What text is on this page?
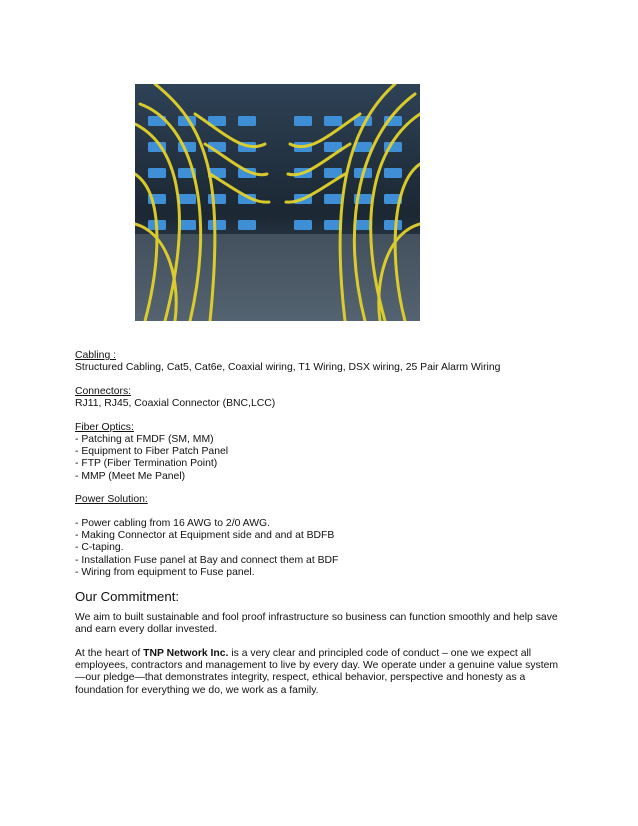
Cabling :

Structured Cabling, Cat5, Cat6e, Coaxial wiring, T1 Wiring, DSX wiring, 25 Pair Alarm Wiring

Connectors:

RJ11, RJ45, Coaxial Connector (BNC,LCC)

Fiber Optics:

- Patching at FMDF (SM, MM)

- Equipment to Fiber Patch Panel

- FTP (Fiber Termination Point)

- MMP (Meet Me Panel)

Power Solution:

- Power cabling from 16 AWG to 2/0 AWG.

- Making Connector at Equipment side and and at BDFB

- C-taping.

- Installation Fuse panel at Bay and connect them at BDF

- Wiring from equipment to Fuse panel.

Our Commitment:

We aim to built sustainable and fool proof infrastructure so business can function smoothly and help save and earn every dollar invested.

At the heart of TNP Network Inc. is a very clear and principled code of conduct – one we expect all employees, contractors and management to live by every day. We operate under a genuine value system —our pledge—that demonstrates integrity, respect, ethical behavior, perspective and honesty as a foundation for everything we do, we work as a family.
